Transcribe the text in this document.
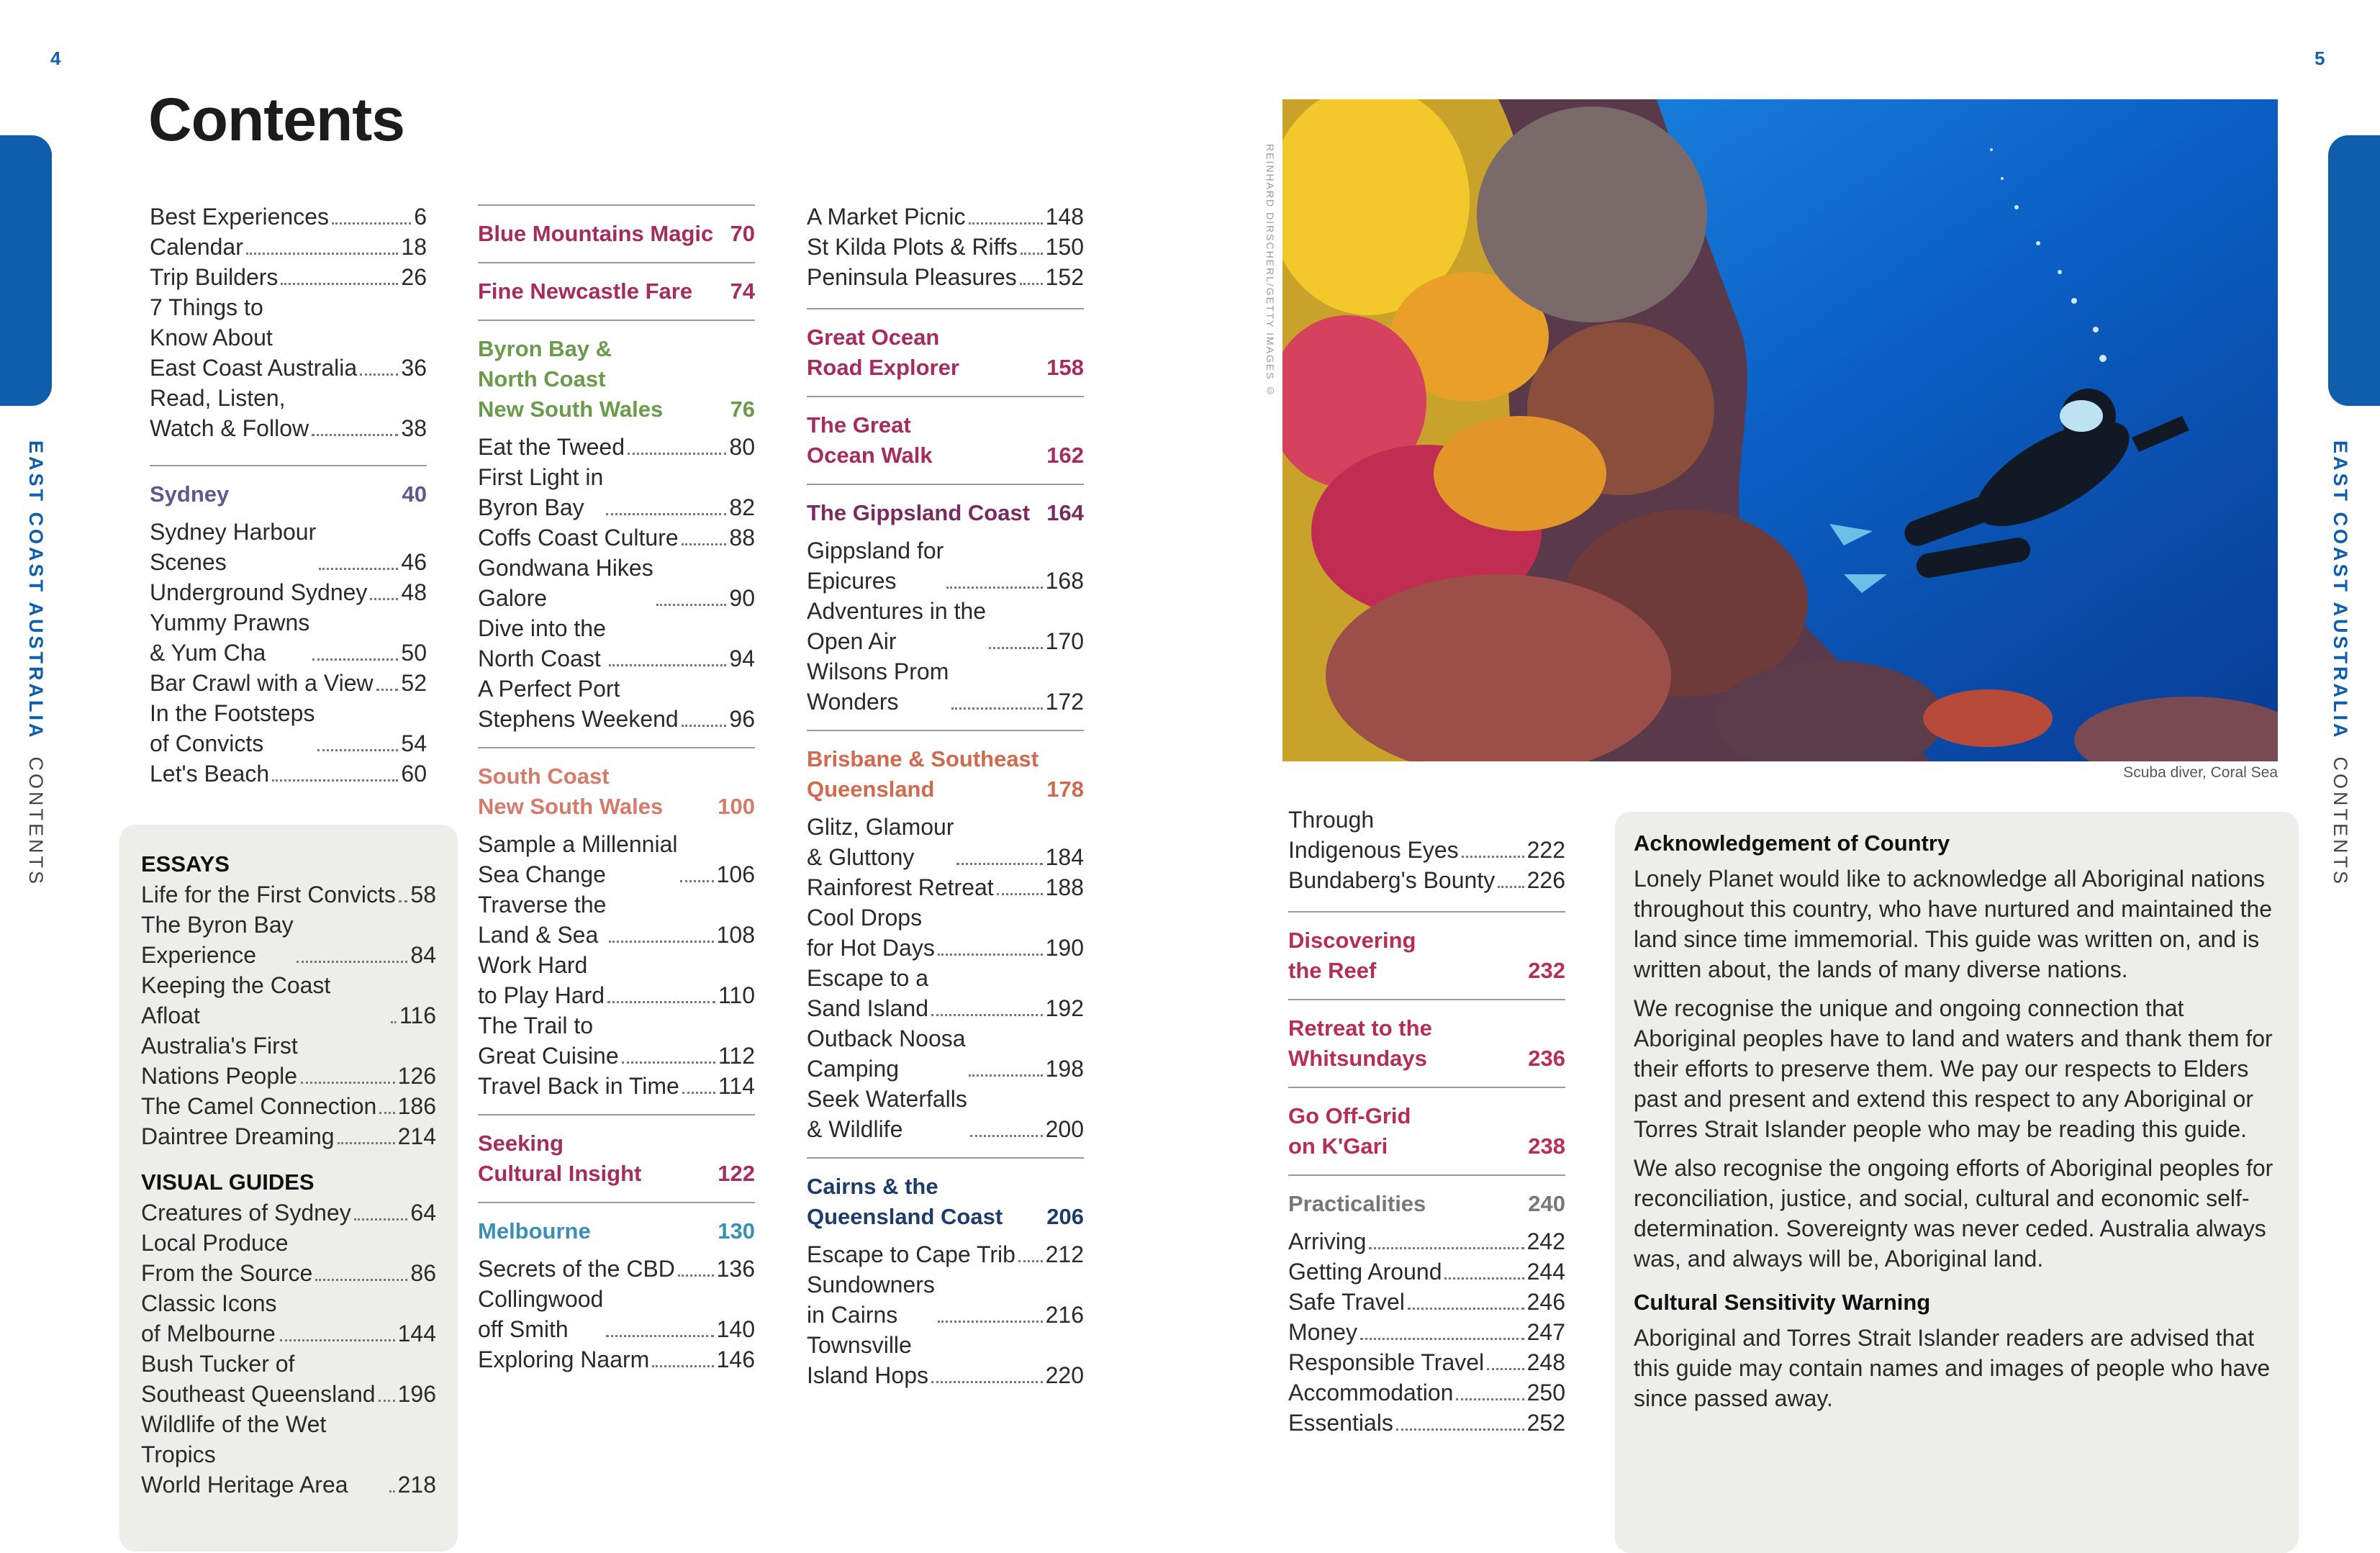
4	5
EAST COAST AUSTRALIA  CONTENTS
EAST COAST AUSTRALIA  CONTENTS
Contents
Best Experiences	6
Calendar	18
Trip Builders	26
7 Things to
Know About
East Coast Australia 36
Read, Listen,
Watch & Follow	38
Sydney	40
Sydney Harbour
Scenes	46
Underground Sydney 48
Yummy Prawns
& Yum Cha	50
Bar Crawl with a View 52
In the Footsteps
of Convicts	54
Let's Beach	60
ESSAYS
Life for the First Convicts 58
The Byron Bay
Experience	84
Keeping the Coast Afloat	116
Australia's First
Nations People	126
The Camel Connection 186
Daintree Dreaming	214
VISUAL GUIDES
Creatures of Sydney	64
Local Produce
From the Source	86
Classic Icons
of Melbourne	144
Bush Tucker of
Southeast Queensland 196
Wildlife of the Wet Tropics
World Heritage Area	218
Blue Mountains Magic 70
Fine Newcastle Fare 74
Byron Bay &
North Coast
New South Wales	76
Eat the Tweed	80
First Light in
Byron Bay	82
Coffs Coast Culture 88
Gondwana Hikes
Galore	90
Dive into the
North Coast	94
A Perfect Port
Stephens Weekend 96
South Coast
New South Wales 100
Sample a Millennial
Sea Change	106
Traverse the
Land & Sea	108
Work Hard
to Play Hard	110
The Trail to
Great Cuisine	112
Travel Back in Time 114
Seeking
Cultural Insight	122
Melbourne	130
Secrets of the CBD 136
Collingwood
off Smith	140
Exploring Naarm	146
A Market Picnic	148
St Kilda Plots & Riffs 150
Peninsula Pleasures 152
Great Ocean
Road Explorer	158
The Great
Ocean Walk	162
The Gippsland Coast 164
Gippsland for
Epicures	168
Adventures in the
Open Air	170
Wilsons Prom
Wonders	172
Brisbane & Southeast
Queensland	178
Glitz, Glamour
& Gluttony	184
Rainforest Retreat 188
Cool Drops
for Hot Days	190
Escape to a
Sand Island	192
Outback Noosa
Camping	198
Seek Waterfalls
& Wildlife	200
Cairns & the
Queensland Coast 206
Escape to Cape Trib 212
Sundowners
in Cairns	216
Townsville
Island Hops	220
Through
Indigenous Eyes	222
Bundaberg's Bounty 226
Discovering
the Reef	232
Retreat to the
Whitsundays	236
Go Off-Grid
on K'Gari	238
Practicalities	240
Arriving	242
Getting Around	244
Safe Travel	246
Money	247
Responsible Travel 248
Accommodation	250
Essentials	252
REINHARD DIRSCHERL/GETTY IMAGES ©
Scuba diver, Coral Sea
Acknowledgement of Country

Lonely Planet would like to acknowledge all Aboriginal nations throughout this country, who have nurtured and maintained the land since time immemorial. This guide was written on, and is written about, the lands of many diverse nations.

We recognise the unique and ongoing connection that Aboriginal peoples have to land and waters and thank them for their efforts to preserve them. We pay our respects to Elders past and present and extend this respect to any Aboriginal or Torres Strait Islander people who may be reading this guide.

We also recognise the ongoing efforts of Aboriginal peoples for reconciliation, justice, and social, cultural and economic self-determination. Sovereignty was never ceded. Australia always was, and always will be, Aboriginal land.

Cultural Sensitivity Warning

Aboriginal and Torres Strait Islander readers are advised that this guide may contain names and images of people who have since passed away.
